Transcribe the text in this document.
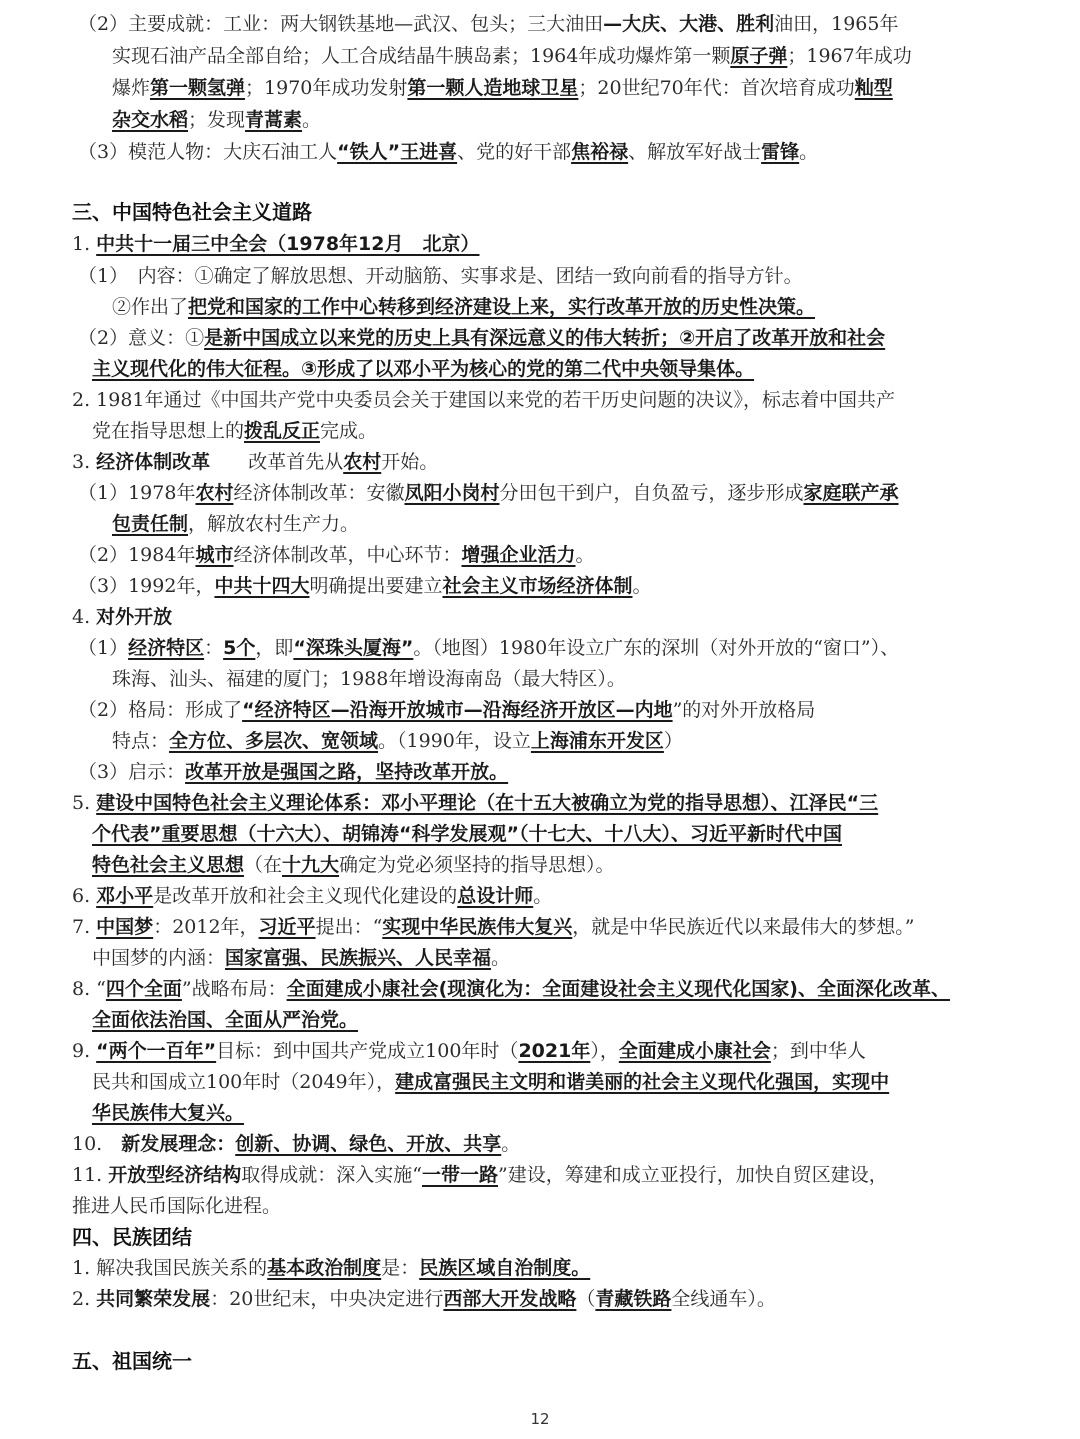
（2）主要成就：工业：两大钢铁基地—武汉、包头；三大油田—大庆、大港、胜利油田，1965年
实现石油产品全部自给；人工合成结晶牛胰岛素；1964年成功爆炸第一颗原子弹；1967年成功
爆炸第一颗氢弹；1970年成功发射第一颗人造地球卫星；20世纪70年代：首次培育成功籼型
杂交水稻；发现青蒿素。
（3）模范人物：大庆石油工人“铁人”王进喜、党的好干部焦裕禄、解放军好战士雷锋。
三、中国特色社会主义道路
1. 中共十一届三中全会（1978年12月　北京）
（1）　内容：①确定了解放思想、开动脑筋、实事求是、团结一致向前看的指导方针。
②作出了把党和国家的工作中心转移到经济建设上来，实行改革开放的历史性决策。
（2）意义：①是新中国成立以来党的历史上具有深远意义的伟大转折；②开启了改革开放和社会
主义现代化的伟大征程。③形成了以邓小平为核心的党的第二代中央领导集体。
2. 1981年通过《中国共产党中央委员会关于建国以来党的若干历史问题的决议》，标志着中国共产
党在指导思想上的拨乱反正完成。
3. 经济体制改革　　改革首先从农村开始。
（1）1978年农村经济体制改革：安徽凤阳小岗村分田包干到户，自负盈亏，逐步形成家庭联产承
包责任制，解放农村生产力。
（2）1984年城市经济体制改革，中心环节：增强企业活力。
（3）1992年，中共十四大明确提出要建立社会主义市场经济体制。
4. 对外开放
（1）经济特区：5个，即“深珠头厦海”。（地图）1980年设立广东的深圳（对外开放的“窗口”）、
珠海、汕头、福建的厦门；1988年增设海南岛（最大特区）。
（2）格局：形成了“经济特区—沿海开放城市—沿海经济开放区—内地”的对外开放格局
特点：全方位、多层次、宽领域。（1990年，设立上海浦东开发区）
（3）启示：改革开放是强国之路，坚持改革开放。
5. 建设中国特色社会主义理论体系：邓小平理论（在十五大被确立为党的指导思想）、江泽民“三
个代表”重要思想（十六大）、胡锦涛“科学发展观”（十七大、十八大）、习近平新时代中国
特色社会主义思想（在十九大确定为党必须坚持的指导思想）。
6. 邓小平是改革开放和社会主义现代化建设的总设计师。
7. 中国梦：2012年，习近平提出：“实现中华民族伟大复兴，就是中华民族近代以来最伟大的梦想。”
中国梦的内涵：国家富强、民族振兴、人民幸福。
8. “四个全面”战略布局：全面建成小康社会(现演化为：全面建设社会主义现代化国家)、全面深化改革、
全面依法治国、全面从严治党。
9. “两个一百年”目标：到中国共产党成立100年时（2021年），全面建成小康社会；到中华人
民共和国成立100年时（2049年），建成富强民主文明和谐美丽的社会主义现代化强国，实现中
华民族伟大复兴。
10.　新发展理念：创新、协调、绿色、开放、共享。
11. 开放型经济结构取得成就：深入实施“一带一路”建设，筹建和成立亚投行，加快自贸区建设，
推进人民币国际化进程。
四、民族团结
1. 解决我国民族关系的基本政治制度是：民族区域自治制度。
2. 共同繁荣发展：20世纪末，中央决定进行西部大开发战略（青藏铁路全线通车）。
五、祖国统一
12
